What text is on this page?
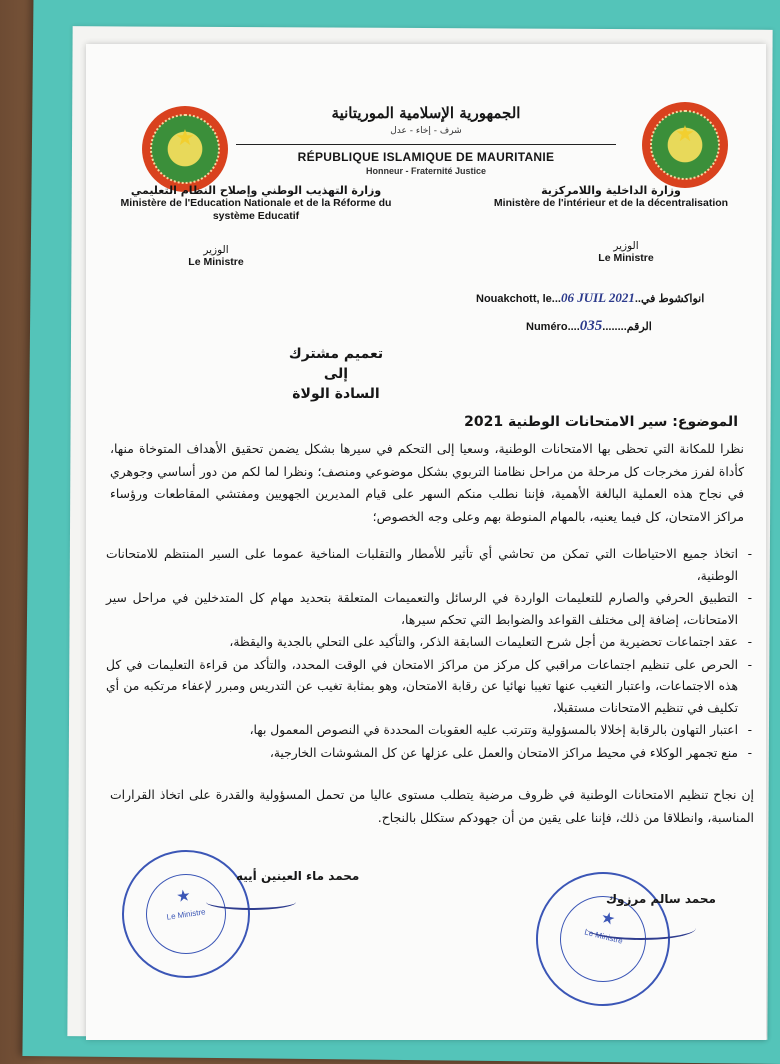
★	★
الجمهورية الإسلامية الموريتانية
شرف - إخاء - عدل
RÉPUBLIQUE ISLAMIQUE DE MAURITANIE
Honneur - Fraternité Justice
وزارة التهذيب الوطني وإصلاح النظام التعليمي
Ministère de l'Education Nationale et de la Réforme du système Educatif
وزارة الداخلية واللامركزية
Ministère de l'intérieur et de la décentralisation
الوزير
Le Ministre
الوزير
Le Ministre
Nouakchott, le...06 JUIL 2021..انواكشوط في
Numéro....035........الرقم
تعميم مشترك
إلى
السادة الولاة
الموضوع: سير الامتحانات الوطنية 2021
نظرا للمكانة التي تحظى بها الامتحانات الوطنية، وسعيا إلى التحكم في سيرها بشكل يضمن تحقيق الأهداف المتوخاة منها، كأداة لفرز مخرجات كل مرحلة من مراحل نظامنا التربوي بشكل موضوعي ومنصف؛ ونظرا لما لكم من دور أساسي وجوهري في نجاح هذه العملية البالغة الأهمية، فإننا نطلب منكم السهر على قيام المديرين الجهويين ومفتشي المقاطعات ورؤساء مراكز الامتحان، كل فيما يعنيه، بالمهام المنوطة بهم وعلى وجه الخصوص؛
- اتخاذ جميع الاحتياطات التي تمكن من تحاشي أي تأثير للأمطار والتقلبات المناخية عموما على السير المنتظم للامتحانات الوطنية،
- التطبيق الحرفي والصارم للتعليمات الواردة في الرسائل والتعميمات المتعلقة بتحديد مهام كل المتدخلين في مراحل سير الامتحانات، إضافة إلى مختلف القواعد والضوابط التي تحكم سيرها،
- عقد اجتماعات تحضيرية من أجل شرح التعليمات السابقة الذكر، والتأكيد على التحلي بالجدية واليقظة،
- الحرص على تنظيم اجتماعات مراقبي كل مركز من مراكز الامتحان في الوقت المحدد، والتأكد من قراءة التعليمات في كل هذه الاجتماعات، واعتبار التغيب عنها تغيبا نهائيا عن رقابة الامتحان، وهو بمثابة تغيب عن التدريس ومبرر لإعفاء مرتكبه من أي تكليف في تنظيم الامتحانات مستقبلا،
- اعتبار التهاون بالرقابة إخلالا بالمسؤولية وتترتب عليه العقوبات المحددة في النصوص المعمول بها،
- منع تجمهر الوكلاء في محيط مراكز الامتحان والعمل على عزلها عن كل المشوشات الخارجية،
إن نجاح تنظيم الامتحانات الوطنية في ظروف مرضية يتطلب مستوى عاليا من تحمل المسؤولية والقدرة على اتخاذ القرارات المناسبة، وانطلاقا من ذلك، فإننا على يقين من أن جهودكم ستكلل بالنجاح.
★
Le Ministre
محمد ماء العينين أييه
★
Le Ministre
محمد سالم مرزوك
